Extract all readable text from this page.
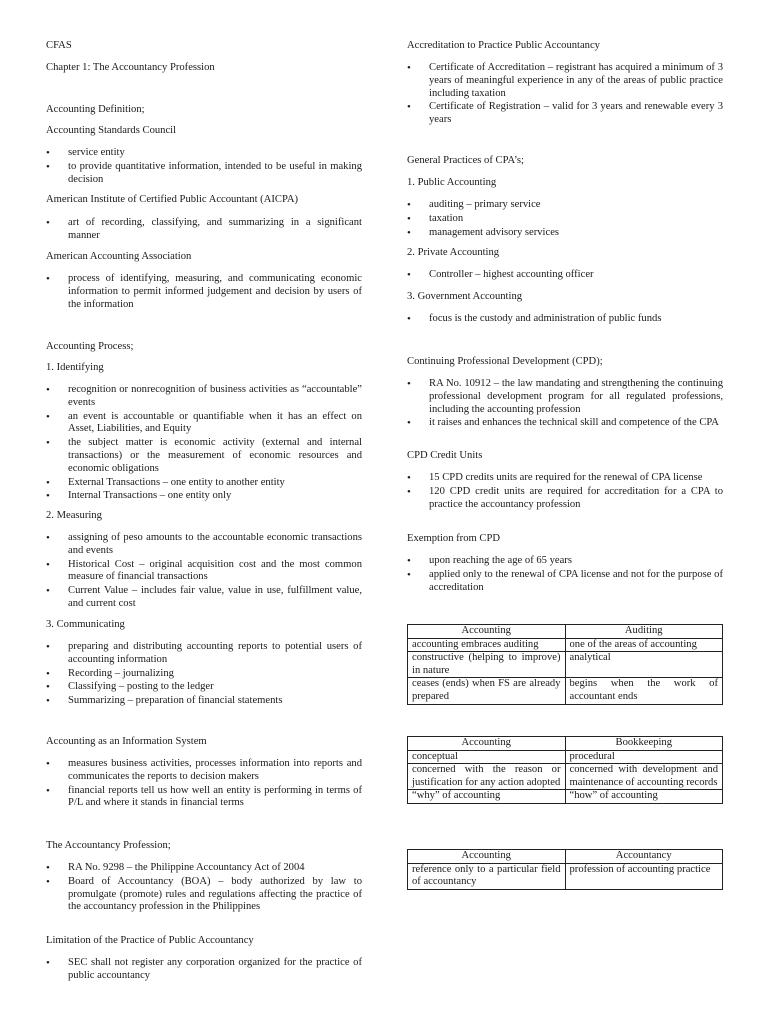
CFAS
Chapter 1: The Accountancy Profession
Accounting Definition;
Accounting Standards Council
• service entity
• to provide quantitative information, intended to be useful in making decision
American Institute of Certified Public Accountant (AICPA)
• art of recording, classifying, and summarizing in a significant manner
American Accounting Association
• process of identifying, measuring, and communicating economic information to permit informed judgement and decision by users of the information
Accounting Process;
1. Identifying
• recognition or nonrecognition of business activities as “accountable” events
• an event is accountable or quantifiable when it has an effect on Asset, Liabilities, and Equity
• the subject matter is economic activity (external and internal transactions) or the measurement of economic resources and economic obligations
• External Transactions – one entity to another entity
• Internal Transactions – one entity only
2. Measuring
• assigning of peso amounts to the accountable economic transactions and events
• Historical Cost – original acquisition cost and the most common measure of financial transactions
• Current Value – includes fair value, value in use, fulfillment value, and current cost
3. Communicating
• preparing and distributing accounting reports to potential users of accounting information
• Recording – journalizing
• Classifying – posting to the ledger
• Summarizing – preparation of financial statements
Accounting as an Information System
• measures business activities, processes information into reports and communicates the reports to decision makers
• financial reports tell us how well an entity is performing in terms of P/L and where it stands in financial terms
The Accountancy Profession;
• RA No. 9298 – the Philippine Accountancy Act of 2004
• Board of Accountancy (BOA) – body authorized by law to promulgate (promote) rules and regulations affecting the practice of the accountancy profession in the Philippines
Limitation of the Practice of Public Accountancy
• SEC shall not register any corporation organized for the practice of public accountancy
Accreditation to Practice Public Accountancy
• Certificate of Accreditation – registrant has acquired a minimum of 3 years of meaningful experience in any of the areas of public practice including taxation
• Certificate of Registration – valid for 3 years and renewable every 3 years
General Practices of CPA’s;
1. Public Accounting
• auditing – primary service
• taxation
• management advisory services
2. Private Accounting
• Controller – highest accounting officer
3. Government Accounting
• focus is the custody and administration of public funds
Continuing Professional Development (CPD);
• RA No. 10912 – the law mandating and strengthening the continuing professional development program for all regulated professions, including the accounting profession
• it raises and enhances the technical skill and competence of the CPA
CPD Credit Units
• 15 CPD credits units are required for the renewal of CPA license
• 120 CPD credit units are required for accreditation for a CPA to practice the accountancy profession
Exemption from CPD
• upon reaching the age of 65 years
• applied only to the renewal of CPA license and not for the purpose of accreditation
Accounting	Auditing
accounting embraces auditing	one of the areas of accounting
constructive (helping to improve) in nature	analytical
ceases (ends) when FS are already prepared	begins when the work of accountant ends
Accounting	Bookkeeping
conceptual	procedural
concerned with the reason or justification for any action adopted	concerned with development and maintenance of accounting records
“why” of accounting	“how” of accounting
Accounting	Accountancy
reference only to a particular field of accountancy	profession of accounting practice
